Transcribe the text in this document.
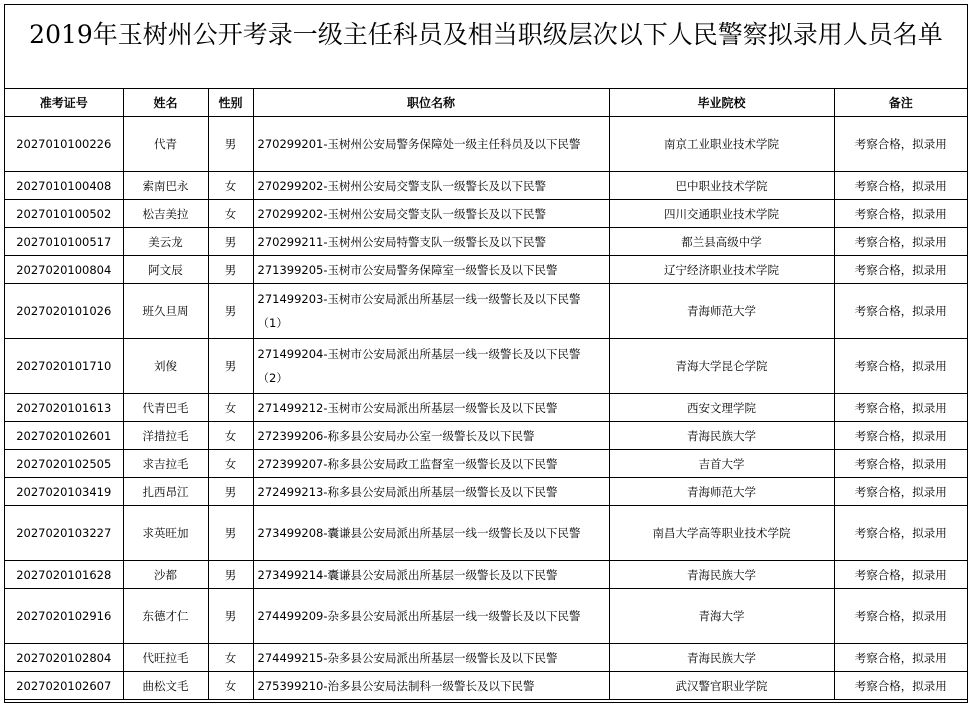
2019年玉树州公开考录一级主任科员及相当职级层次以下人民警察拟录用人员名单
准考证号	姓名	性别	职位名称	毕业院校	备注
2027010100226	代青	男	270299201-玉树州公安局警务保障处一级主任科员及以下民警	南京工业职业技术学院	考察合格，拟录用
2027010100408	索南巴永	女	270299202-玉树州公安局交警支队一级警长及以下民警	巴中职业技术学院	考察合格，拟录用
2027010100502	松吉美拉	女	270299202-玉树州公安局交警支队一级警长及以下民警	四川交通职业技术学院	考察合格，拟录用
2027010100517	美云龙	男	270299211-玉树州公安局特警支队一级警长及以下民警	都兰县高级中学	考察合格，拟录用
2027020100804	阿文辰	男	271399205-玉树市公安局警务保障室一级警长及以下民警	辽宁经济职业技术学院	考察合格，拟录用
2027020101026	班久旦周	男	271499203-玉树市公安局派出所基层一线一级警长及以下民警（1）	青海师范大学	考察合格，拟录用
2027020101710	刘俊	男	271499204-玉树市公安局派出所基层一线一级警长及以下民警（2）	青海大学昆仑学院	考察合格，拟录用
2027020101613	代青巴毛	女	271499212-玉树市公安局派出所基层一级警长及以下民警	西安文理学院	考察合格，拟录用
2027020102601	洋措拉毛	女	272399206-称多县公安局办公室一级警长及以下民警	青海民族大学	考察合格，拟录用
2027020102505	求吉拉毛	女	272399207-称多县公安局政工监督室一级警长及以下民警	吉首大学	考察合格，拟录用
2027020103419	扎西昂江	男	272499213-称多县公安局派出所基层一级警长及以下民警	青海师范大学	考察合格，拟录用
2027020103227	求英旺加	男	273499208-囊谦县公安局派出所基层一线一级警长及以下民警	南昌大学高等职业技术学院	考察合格，拟录用
2027020101628	沙都	男	273499214-囊谦县公安局派出所基层一级警长及以下民警	青海民族大学	考察合格，拟录用
2027020102916	东德才仁	男	274499209-杂多县公安局派出所基层一线一级警长及以下民警	青海大学	考察合格，拟录用
2027020102804	代旺拉毛	女	274499215-杂多县公安局派出所基层一级警长及以下民警	青海民族大学	考察合格，拟录用
2027020102607	曲松文毛	女	275399210-治多县公安局法制科一级警长及以下民警	武汉警官职业学院	考察合格，拟录用
